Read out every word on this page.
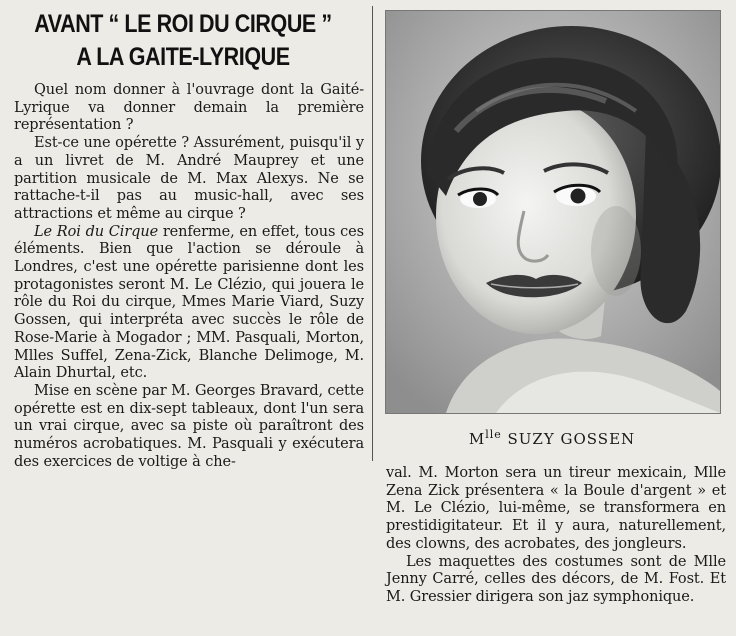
AVANT “ LE ROI DU CIRQUE ”
A LA GAITE-LYRIQUE

Quel nom donner à l'ouvrage dont la Gaité-Lyrique va donner demain la première représentation ?

Est-ce une opérette ? Assurément, puisqu'il y a un livret de M. André Mauprey et une partition musicale de M. Max Alexys. Ne se rattache-t-il pas au music-hall, avec ses attractions et même au cirque ?

Le Roi du Cirque renferme, en effet, tous ces éléments. Bien que l'action se déroule à Londres, c'est une opérette parisienne dont les protagonistes seront M. Le Clézio, qui jouera le rôle du Roi du cirque, Mmes Marie Viard, Suzy Gossen, qui interpréta avec succès le rôle de Rose-Marie à Mogador ; MM. Pasquali, Morton, Mlles Suffel, Zena-Zick, Blanche Delimoge, M. Alain Dhurtal, etc.

Mise en scène par M. Georges Bravard, cette opérette est en dix-sept tableaux, dont l'un sera un vrai cirque, avec sa piste où paraîtront des numéros acrobatiques. M. Pasquali y exécutera des exercices de voltige à che-

$M^{lle}$ SUZY GOSSEN

val. M. Morton sera un tireur mexicain, Mlle Zena Zick présentera « la Boule d'argent » et M. Le Clézio, lui-même, se transformera en prestidigitateur. Et il y aura, naturellement, des clowns, des acrobates, des jongleurs.

Les maquettes des costumes sont de Mlle Jenny Carré, celles des décors, de M. Fost. Et M. Gressier dirigera son jaz symphonique.
